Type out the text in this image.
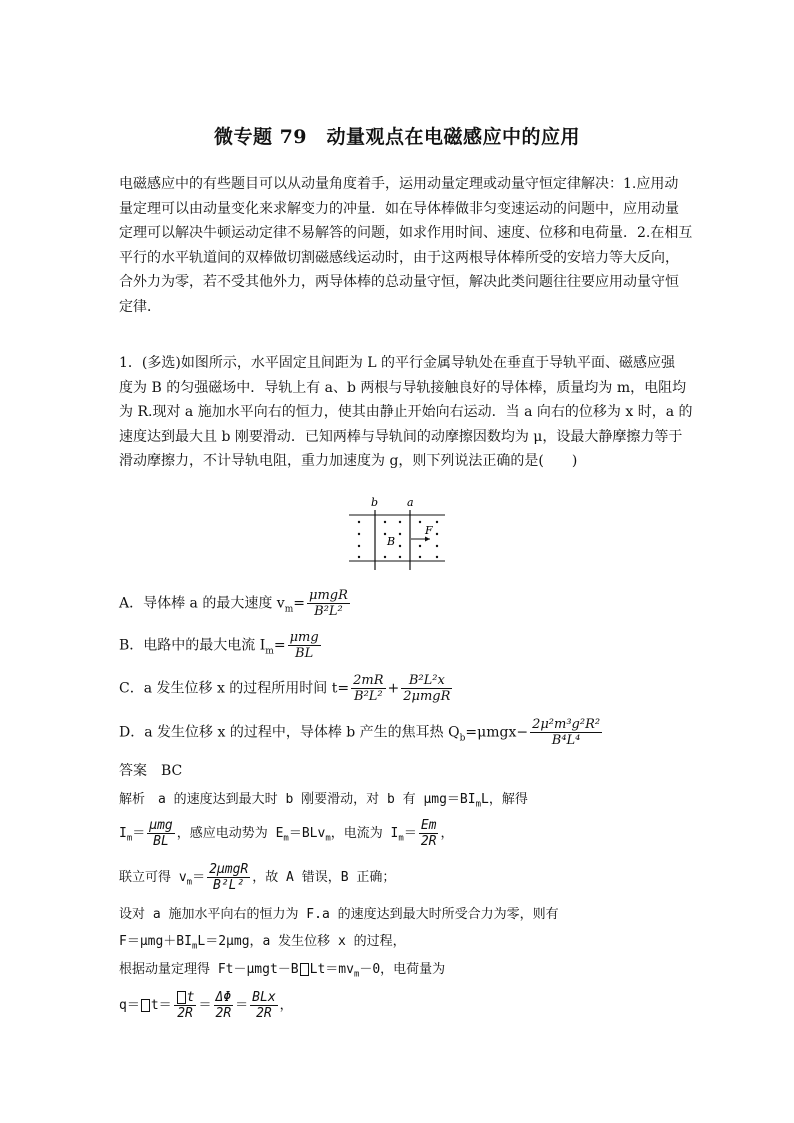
微专题 79　动量观点在电磁感应中的应用
电磁感应中的有些题目可以从动量角度着手，运用动量定理或动量守恒定律解决：1.应用动
量定理可以由动量变化来求解变力的冲量．如在导体棒做非匀变速运动的问题中，应用动量
定理可以解决牛顿运动定律不易解答的问题，如求作用时间、速度、位移和电荷量．2.在相互
平行的水平轨道间的双棒做切割磁感线运动时，由于这两根导体棒所受的安培力等大反向，
合外力为零，若不受其他外力，两导体棒的总动量守恒，解决此类问题往往要应用动量守恒
定律．
1．(多选)如图所示，水平固定且间距为 L 的平行金属导轨处在垂直于导轨平面、磁感应强
度为 B 的匀强磁场中．导轨上有 a、b 两根与导轨接触良好的导体棒，质量均为 m，电阻均
为 R.现对 a 施加水平向右的恒力，使其由静止开始向右运动．当 a 向右的位移为 x 时，a 的
速度达到最大且 b 刚要滑动．已知两棒与导轨间的动摩擦因数均为 μ，设最大静摩擦力等于
滑动摩擦力，不计导轨电阻，重力加速度为 g，则下列说法正确的是(　　)
b	a
B
F
A．导体棒 a 的最大速度 $v_m= \frac{\text{μmgR}}{\text{B²L²}}$
B．电路中的最大电流 $I_m= \frac{\text{μmg}}{BL}$
C．a 发生位移 x 的过程所用时间 $t= \frac{2mR}{\text{B²L²}} + \frac{\text{B²L²x}}{\text{2μmgR}}$
D．a 发生位移 x 的过程中，导体棒 b 产生的焦耳热 $Q_b=\mu mgx- \frac{\text{2μ²m³g²R²}}{\text{B⁴L⁴}}$
答案　BC
解析　a 的速度达到最大时 b 刚要滑动，对 b 有 $\mu mg=BI_mL$，解得
$I_m= \frac{\text{μmg}}{BL}$ ，感应电动势为 $E_m=BLv_m$，电流为 $I_m= \frac{Em}{2R}$ ，
联立可得 $v_m= \frac{\text{2μmgR}}{\text{B²L²}}$ ，故 A 错误，B 正确；
设对 a 施加水平向右的恒力为 F.a 的速度达到最大时所受合力为零，则有
$F=\mu mg+BI_mL=2\mu mg$，a 发生位移 x 的过程，
根据动量定理得 Ft－μmgt－B $Lt=mv_m-0$，电荷量为
$q= t= \frac{t}{2R} = \frac{\Delta\Phi}{2R} = \frac{\text{BLx}}{2R}$ ，
